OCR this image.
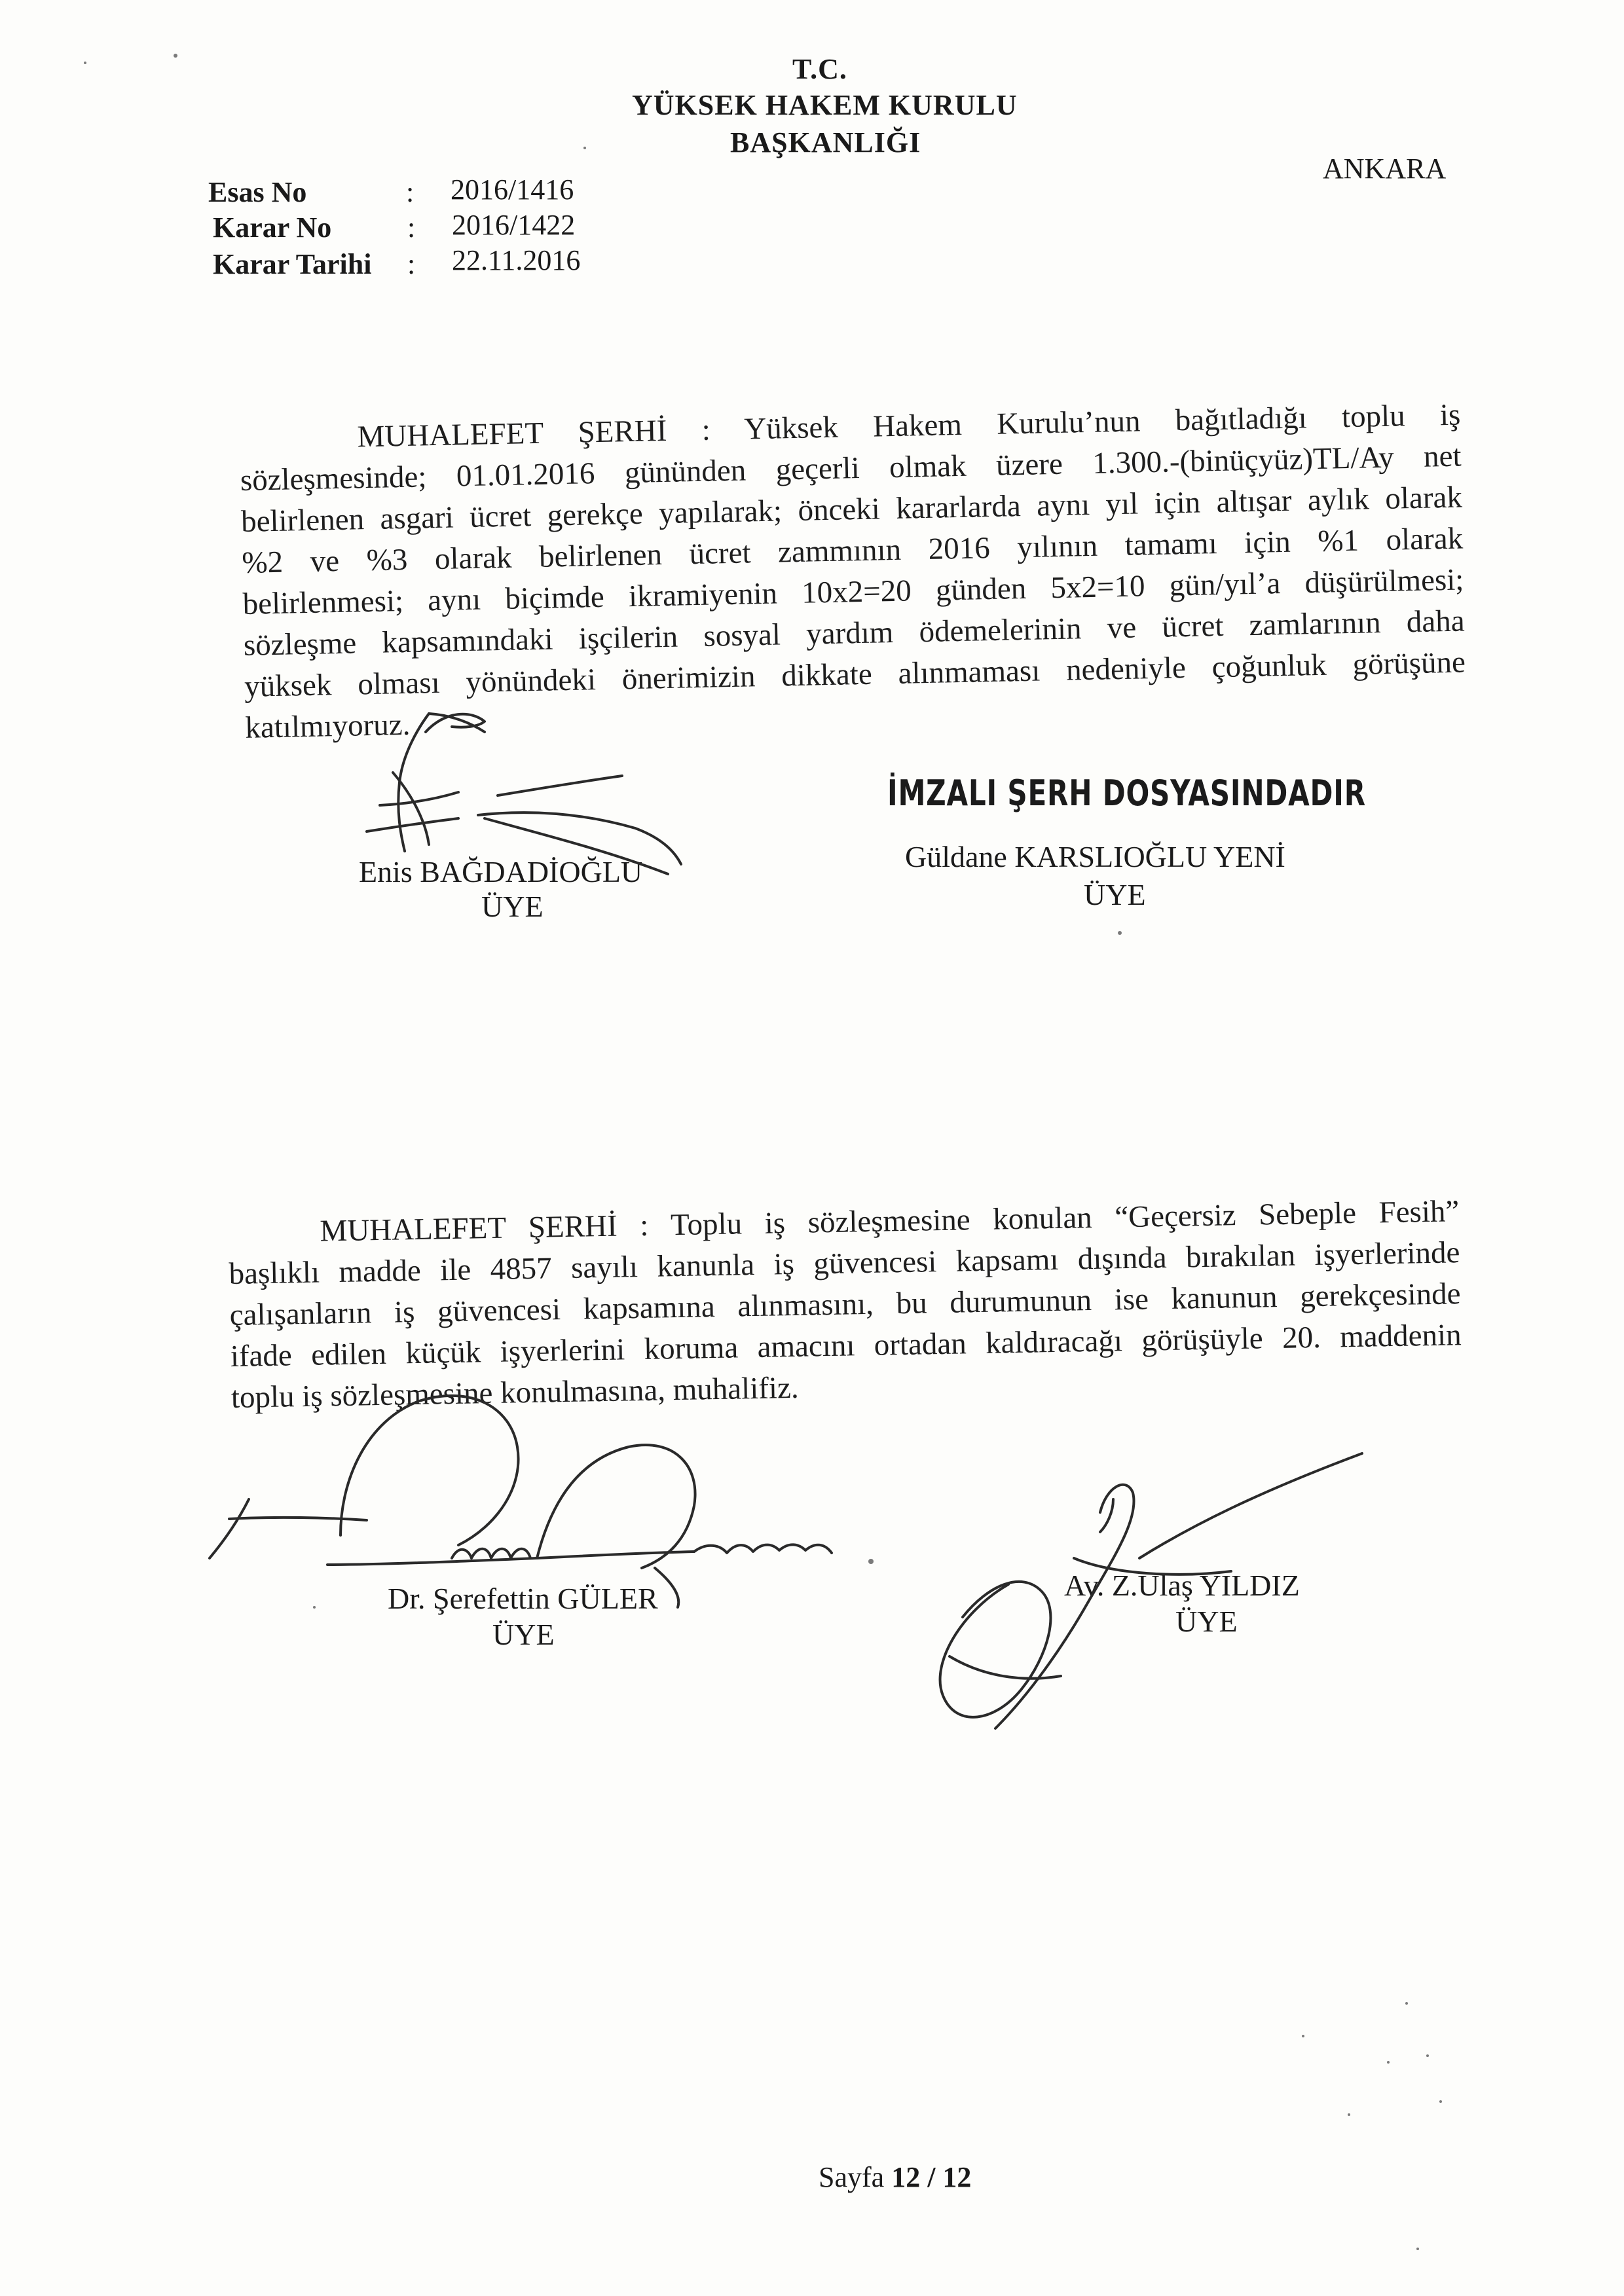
T.C.
YÜKSEK HAKEM KURULU
BAŞKANLIĞI
ANKARA
Esas No	: 2016/1416
Karar No	: 2016/1422
Karar Tarihi : 22.11.2016
MUHALEFET ŞERHİ : Yüksek Hakem Kurulu’nun bağıtladığı toplu iş
sözleşmesinde; 01.01.2016 gününden geçerli olmak üzere 1.300.-(binüçyüz)TL/Ay net
belirlenen asgari ücret gerekçe yapılarak; önceki kararlarda aynı yıl için altışar aylık olarak
%2 ve %3 olarak belirlenen ücret zammının 2016 yılının tamamı için %1 olarak
belirlenmesi; aynı biçimde ikramiyenin 10x2=20 günden 5x2=10 gün/yıl’a düşürülmesi;
sözleşme kapsamındaki işçilerin sosyal yardım ödemelerinin ve ücret zamlarının daha
yüksek olması yönündeki önerimizin dikkate alınmaması nedeniyle çoğunluk görüşüne
katılmıyoruz.
Enis BAĞDADİOĞLU
ÜYE
İMZALI ŞERH DOSYASINDADIR
Güldane KARSLIOĞLU YENİ
ÜYE
MUHALEFET ŞERHİ : Toplu iş sözleşmesine konulan “Geçersiz Sebeple Fesih”
başlıklı madde ile 4857 sayılı kanunla iş güvencesi kapsamı dışında bırakılan işyerlerinde
çalışanların iş güvencesi kapsamına alınmasını, bu durumunun ise kanunun gerekçesinde
ifade edilen küçük işyerlerini koruma amacını ortadan kaldıracağı görüşüyle 20. maddenin
toplu iş sözleşmesine konulmasına, muhalifiz.
Dr. Şerefettin GÜLER
ÜYE
Av. Z.Ulaş YILDIZ
ÜYE
Sayfa 12 / 12
